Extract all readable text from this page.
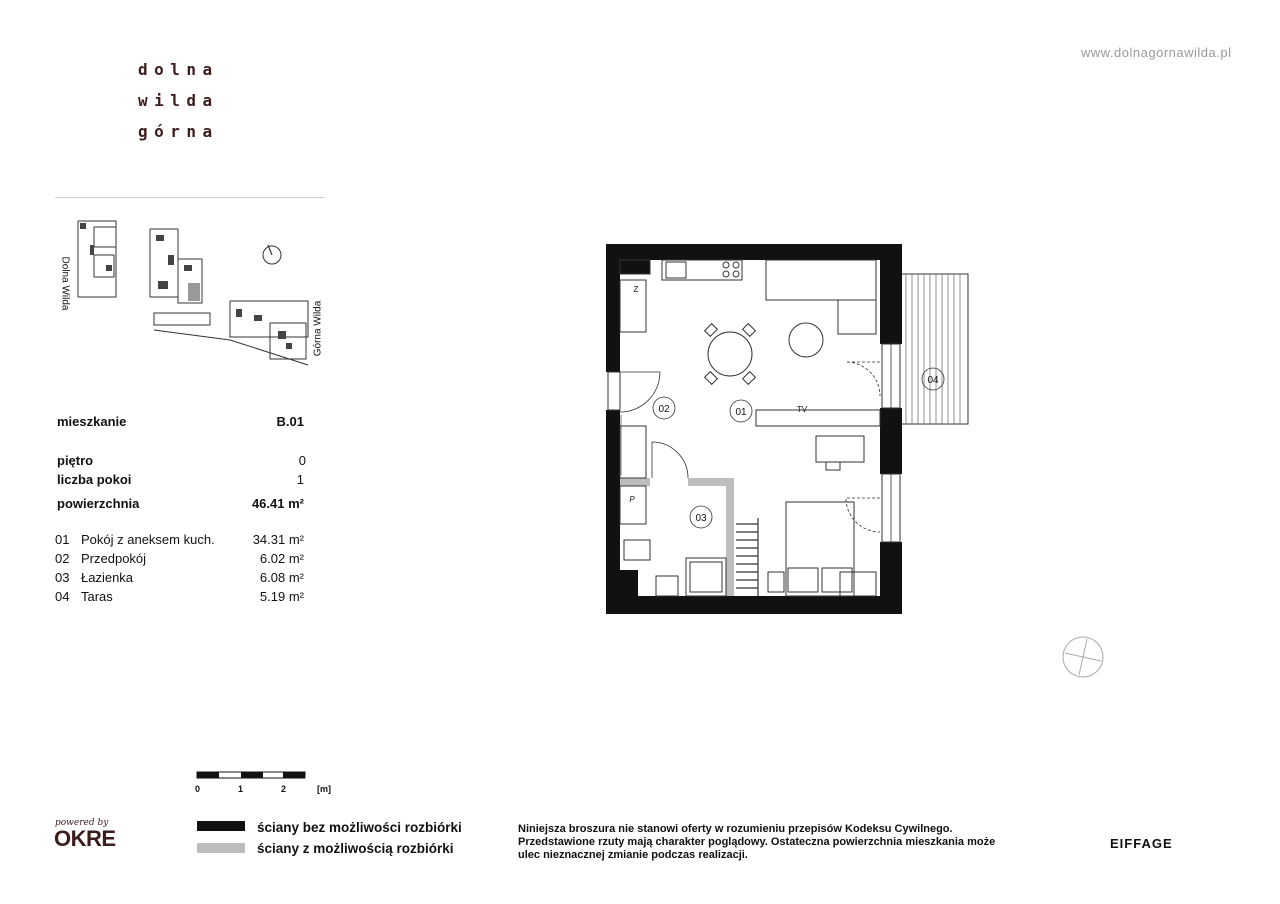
dolna
wilda
górna
www.dolnagornawilda.pl
Dolna Wilda
Górna Wilda
mieszkanie	B.01
piętro	0
liczba pokoi	1
powierzchnia	46.41 m²
01 Pokój z aneksem kuch.	34.31 m²
02 Przedpokój	6.02 m²
03 Łazienka	6.08 m²
04 Taras	5.19 m²
02	01
03
04
TV
Z
P
0	1	2	[m]
ściany bez możliwości rozbiórki
ściany z możliwością rozbiórki
Niniejsza broszura nie stanowi oferty w rozumieniu przepisów Kodeksu Cywilnego. Przedstawione rzuty mają charakter poglądowy. Ostateczna powierzchnia mieszkania może ulec nieznacznej zmianie podczas realizacji.
powered by
OKRE	EIFFAGE
